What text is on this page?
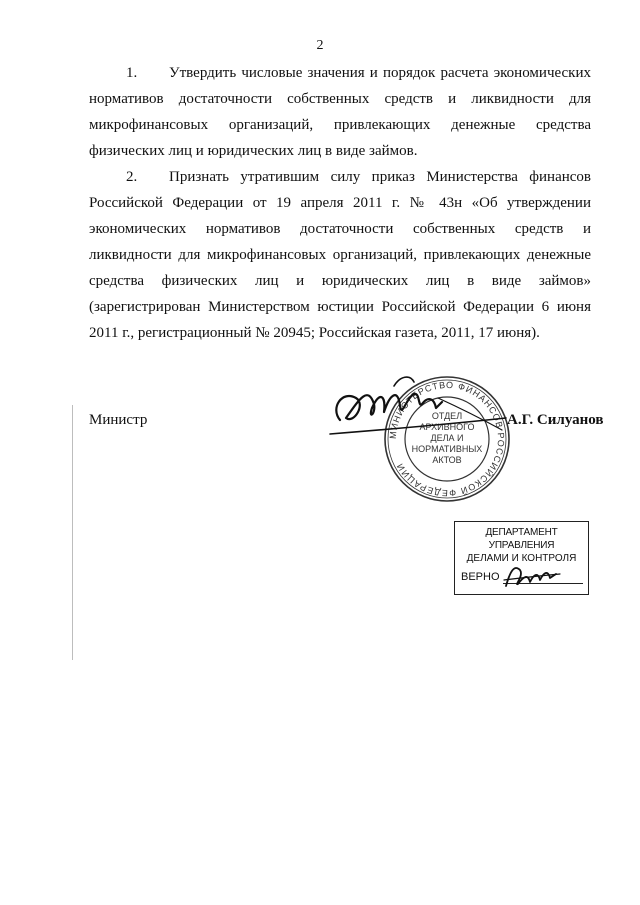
2

1. Утвердить числовые значения и порядок расчета экономических нормативов достаточности собственных средств и ликвидности для микрофинансовых организаций, привлекающих денежные средства физических лиц и юридических лиц в виде займов.

2. Признать утратившим силу приказ Министерства финансов Российской Федерации от 19 апреля 2011 г. № 43н «Об утверждении экономических нормативов достаточности собственных средств и ликвидности для микрофинансовых организаций, привлекающих денежные средства физических лиц и юридических лиц в виде займов» (зарегистрирован Министерством юстиции Российской Федерации 6 июня 2011 г., регистрационный № 20945; Российская газета, 2011, 17 июня).

Министр
МИНИСТЕРСТВО ФИНАНСОВ РОССИЙСКОЙ ФЕДЕРАЦИИ
ОТДЕЛ
АРХИВНОГО
ДЕЛА И
НОРМАТИВНЫХ
АКТОВ
А.Г. Силуанов
ДЕПАРТАМЕНТ УПРАВЛЕНИЯ
ДЕЛАМИ И КОНТРОЛЯ
ВЕРНО
